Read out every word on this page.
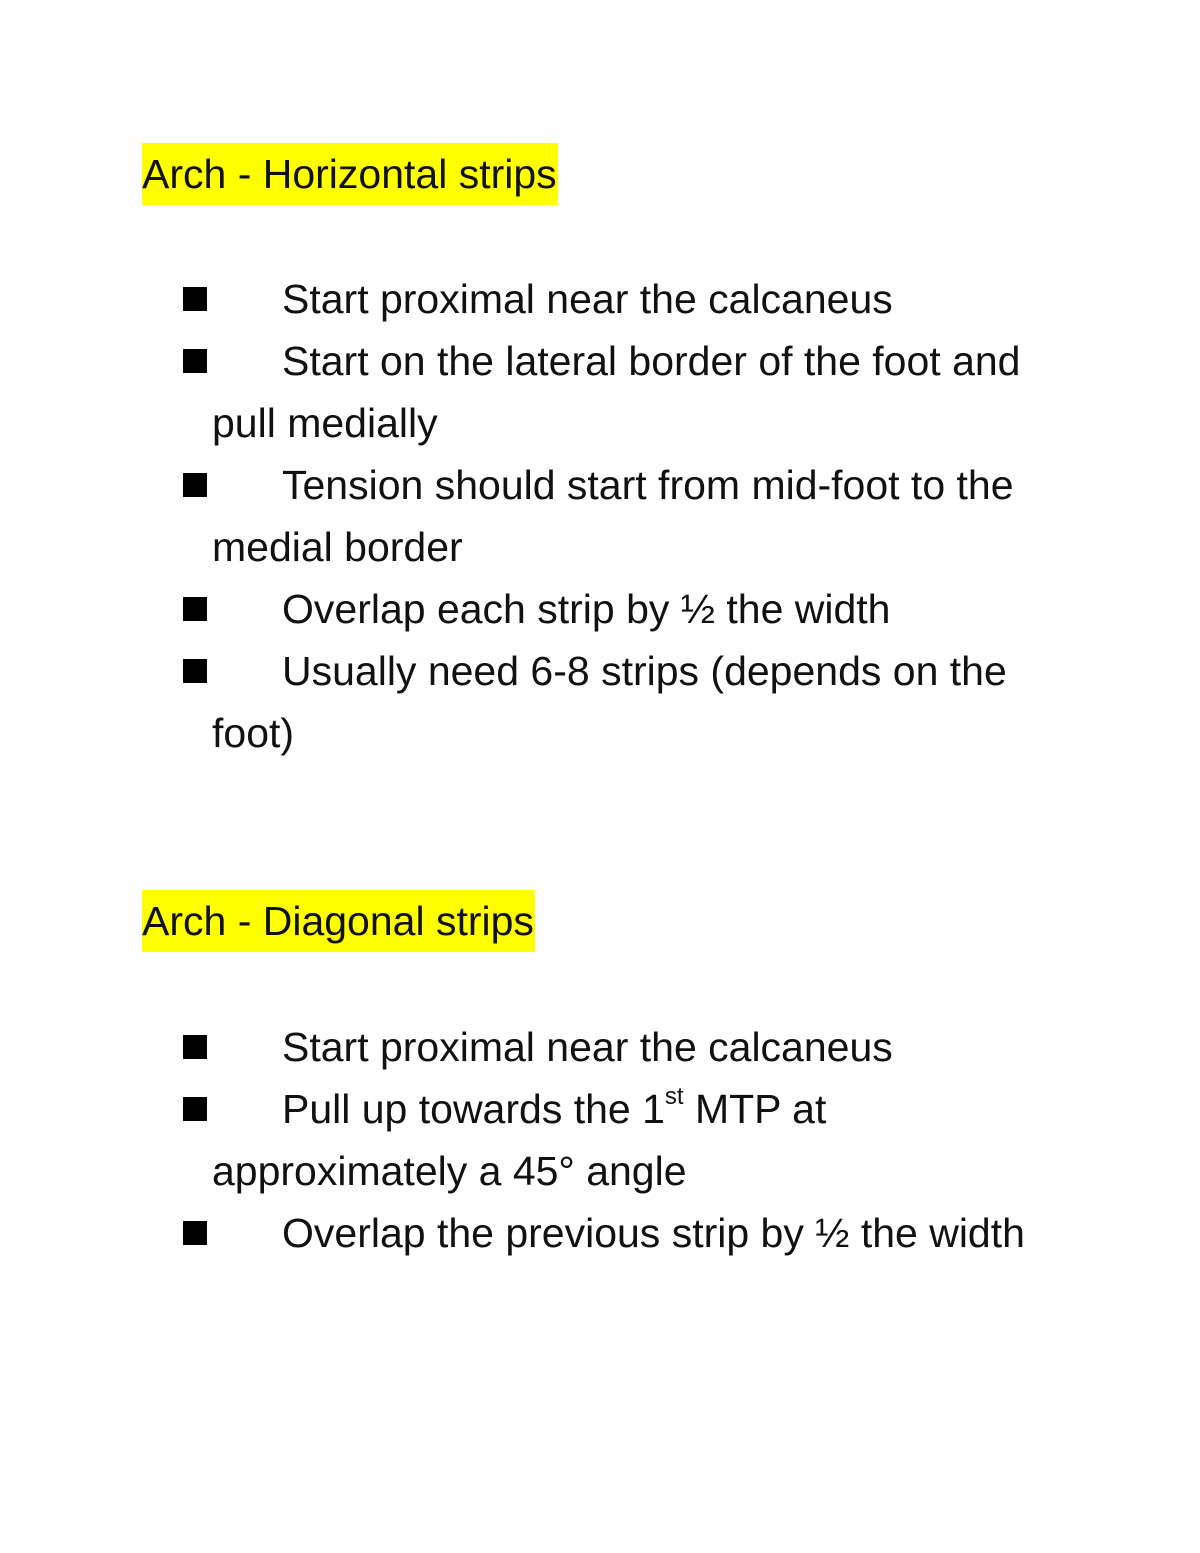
Arch - Horizontal strips
Start proximal near the calcaneus
Start on the lateral border of the foot and pull medially
Tension should start from mid-foot to the medial border
Overlap each strip by ½ the width
Usually need 6-8 strips (depends on the foot)
Arch - Diagonal strips
Start proximal near the calcaneus
Pull up towards the 1st MTP at approximately a 45° angle
Overlap the previous strip by ½ the width
